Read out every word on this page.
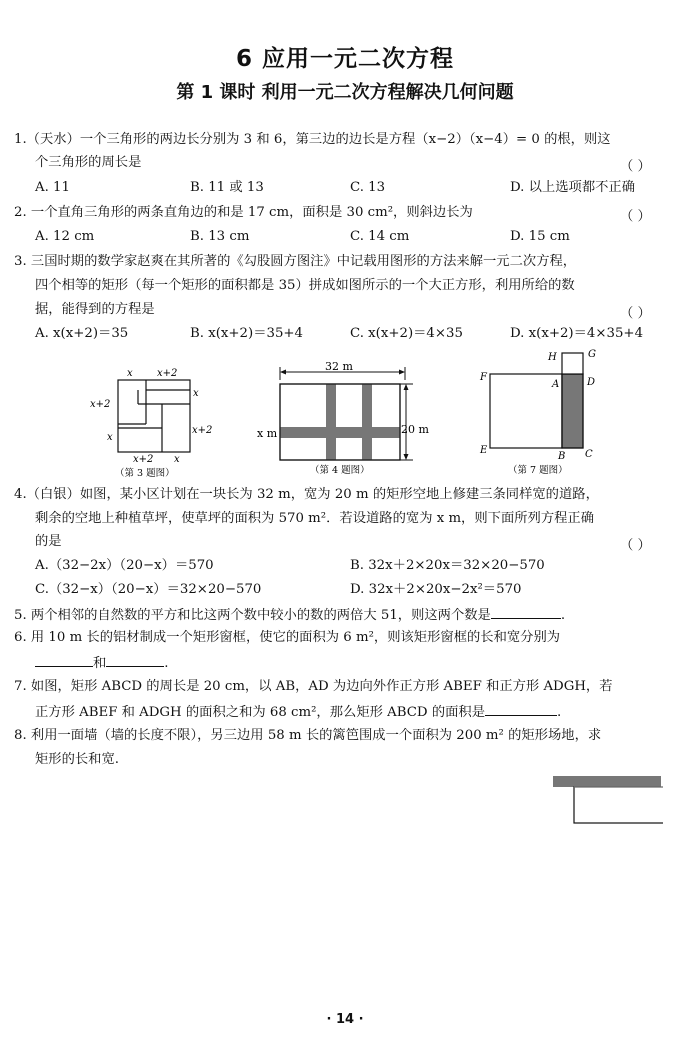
6 应用一元二次方程
第 1 课时 利用一元二次方程解决几何问题
1.（天水）一个三角形的两边长分别为 3 和 6，第三边的边长是方程（x−2）（x−4）= 0 的根，则这
个三角形的周长是	（ ）
A. 11	B. 11 或 13	C. 13	D. 以上选项都不正确
2. 一个直角三角形的两条直角边的和是 17 cm，面积是 30 cm²，则斜边长为	（ ）
A. 12 cm	B. 13 cm	C. 14 cm	D. 15 cm
3. 三国时期的数学家赵爽在其所著的《勾股圆方图注》中记载用图形的方法来解一元二次方程，
四个相等的矩形（每一个矩形的面积都是 35）拼成如图所示的一个大正方形，利用所给的数
据，能得到的方程是	（ ）
A. x(x+2)＝35	B. x(x+2)＝35+4	C. x(x+2)＝4×35	D. x(x+2)＝4×35+4
x x+2
x
x+2
x
x+2
x+2 x
（第 3 题图）
32 m
20 m
x m
（第 4 题图）
H	G
F
A	D
E
B C
（第 7 题图）
4.（白银）如图，某小区计划在一块长为 32 m，宽为 20 m 的矩形空地上修建三条同样宽的道路，
剩余的空地上种植草坪，使草坪的面积为 570 m²．若设道路的宽为 x m，则下面所列方程正确
的是	（ ）
A.（32−2x）（20−x）＝570	B. 32x＋2×20x＝32×20−570
C.（32−x）（20−x）＝32×20−570	D. 32x＋2×20x−2x²＝570
5. 两个相邻的自然数的平方和比这两个数中较小的数的两倍大 51，则这两个数是	.
6. 用 10 m 长的铝材制成一个矩形窗框，使它的面积为 6 m²，则该矩形窗框的长和宽分别为
和	.
7. 如图，矩形 ABCD 的周长是 20 cm，以 AB，AD 为边向外作正方形 ABEF 和正方形 ADGH，若
正方形 ABEF 和 ADGH 的面积之和为 68 cm²，那么矩形 ABCD 的面积是	.
8. 利用一面墙（墙的长度不限），另三边用 58 m 长的篱笆围成一个面积为 200 m² 的矩形场地，求
矩形的长和宽.
· 14 ·
